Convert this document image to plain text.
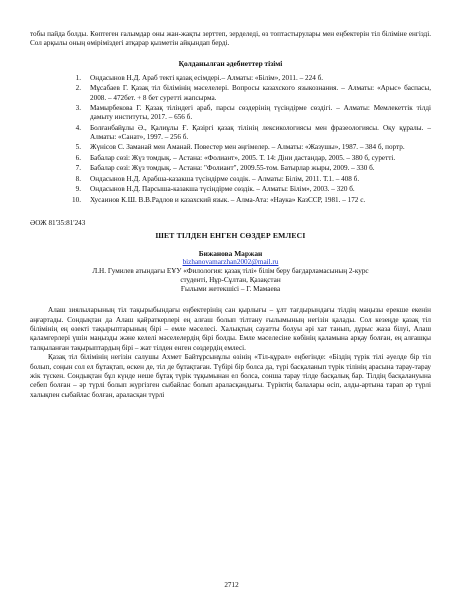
тобы пайда болды. Көптеген ғалымдар оны жан-жақты зерттеп, зерделеді, өз топтастырулары мен еңбектерін тіл біліміне енгізді. Сол арқылы оның өміріміздегі атқарар қызметін айқындап берді.

Қолданылған әдебиеттер тізімі
1.	Ондасынов Н.Д. Араб тектi қазақ есімдері.– Алматы: «Білім», 2011. – 224 б.
2.	Мұсабаев Г. Қазақ тіл білімінің мәселелері. Вопросы казахского языкознания. – Алматы: «Арыс» баспасы, 2008. – 472бет. + 8 бет суретті жапсырма.
3.	Мамырбекова Г. Қазақ тіліндегі араб, парсы сөздерінің түсіндірме сөздігі. – Алматы: Мемлекеттік тілді дамыту институты, 2017. – 656 б.
4.	Болғанбайұлы Ә., Қалиұлы Ғ. Қазіргі қазақ тілінің лексикологиясы мен фразеологиясы. Оқу құралы. – Алматы: «Санат», 1997. – 256 б.
5.	Жүнісов С. Заманай мен Аманай. Повестер мен әңгімелер. – Алматы: «Жазушы», 1987. – 384 б, портр.
6.	Бабалар сөзі: Жүз томдық. – Астана: «Фолиант», 2005. Т. 14: Діни дастандар, 2005. – 380 б, суретті.
7.	Бабалар сөзі: Жүз томдық. – Астана: "Фолиант", 2009.55-том. Батырлар жыры, 2009. – 330 б.
8.	Ондасынов Н.Д. Арабша-казакша түсіндірме сөздік. – Алматы: Білім, 2011. Т.1. – 408 б.
9.	Ондасынов Н.Д. Парсыша-казакша түсіндірме сөздік. – Алматы: Білім», 2003. – 320 б.
10.	Хусаинов К.Ш. В.В.Радлов и казахский язык. – Алма-Ата: «Наука» КазССР, 1981. – 172 с.
ӘОЖ 81'35:81'243
ШЕТ ТІЛДЕН ЕНГЕН СӨЗДЕР ЕМЛЕСІ

Бижанова Маржан

bizhanovamarzhan2002@mail.ru

Л.Н. Гумилев атындағы ЕҰУ «Филология: қазақ тілі» білім беру бағдарламасының 2-курс

студенті, Нұр-Сұлтан, Қазақстан

Ғылыми жетекшісі – Г. Мамаева

Алаш зиялыларының тіл тақырыбындағы еңбектерінің сан қырлығы – ұлт тағдырындағы тілдің маңызы ерекше екенін аңғартады. Сондықтан да Алаш қайраткерлері ең алғаш болып тілтану ғылымының негізін қалады. Сол кезеңде қазақ тіл білімінің ең өзекті тақырыптарының бірі – емле мәселесі. Халықтың сауатты болуы әрі хат танып, дұрыс жаза білуі, Алаш қаламгерлері үшін маңызды және келелі мәселелердің бірі болды. Емле мәселесіне көбінің қаламына арқау болған, ең алғашқы талқыланған тақырыптардың бірі – жат тілден енген сөздердің емлесі.

Қазақ тіл білімінің негізін салушы Ахмет Байтұрсынұлы өзінің «Тіл-құрал» еңбегінде: «Біздің түрік тілі әуелде бір тіл болып, соңын сол ел бұтақтап, өскен де, тіл де бұтақтаған. Түбірі бір болса да, түрі басқаланып түрік тілінің арасына тарау-тарау жік түскен. Сондықтан бұл күнде неше бұтақ түрік тұқымынан ел болса, сонша тарау тілде басқалық бар. Тілдің басқалануына себеп болған – әр түрлі болып жүргізген сыбайлас болып араласқандығы. Түріктің балалары өсіп, алды-артына тарап әр түрлі халықпен сыбайлас болған, араласқан түрлі

2712
